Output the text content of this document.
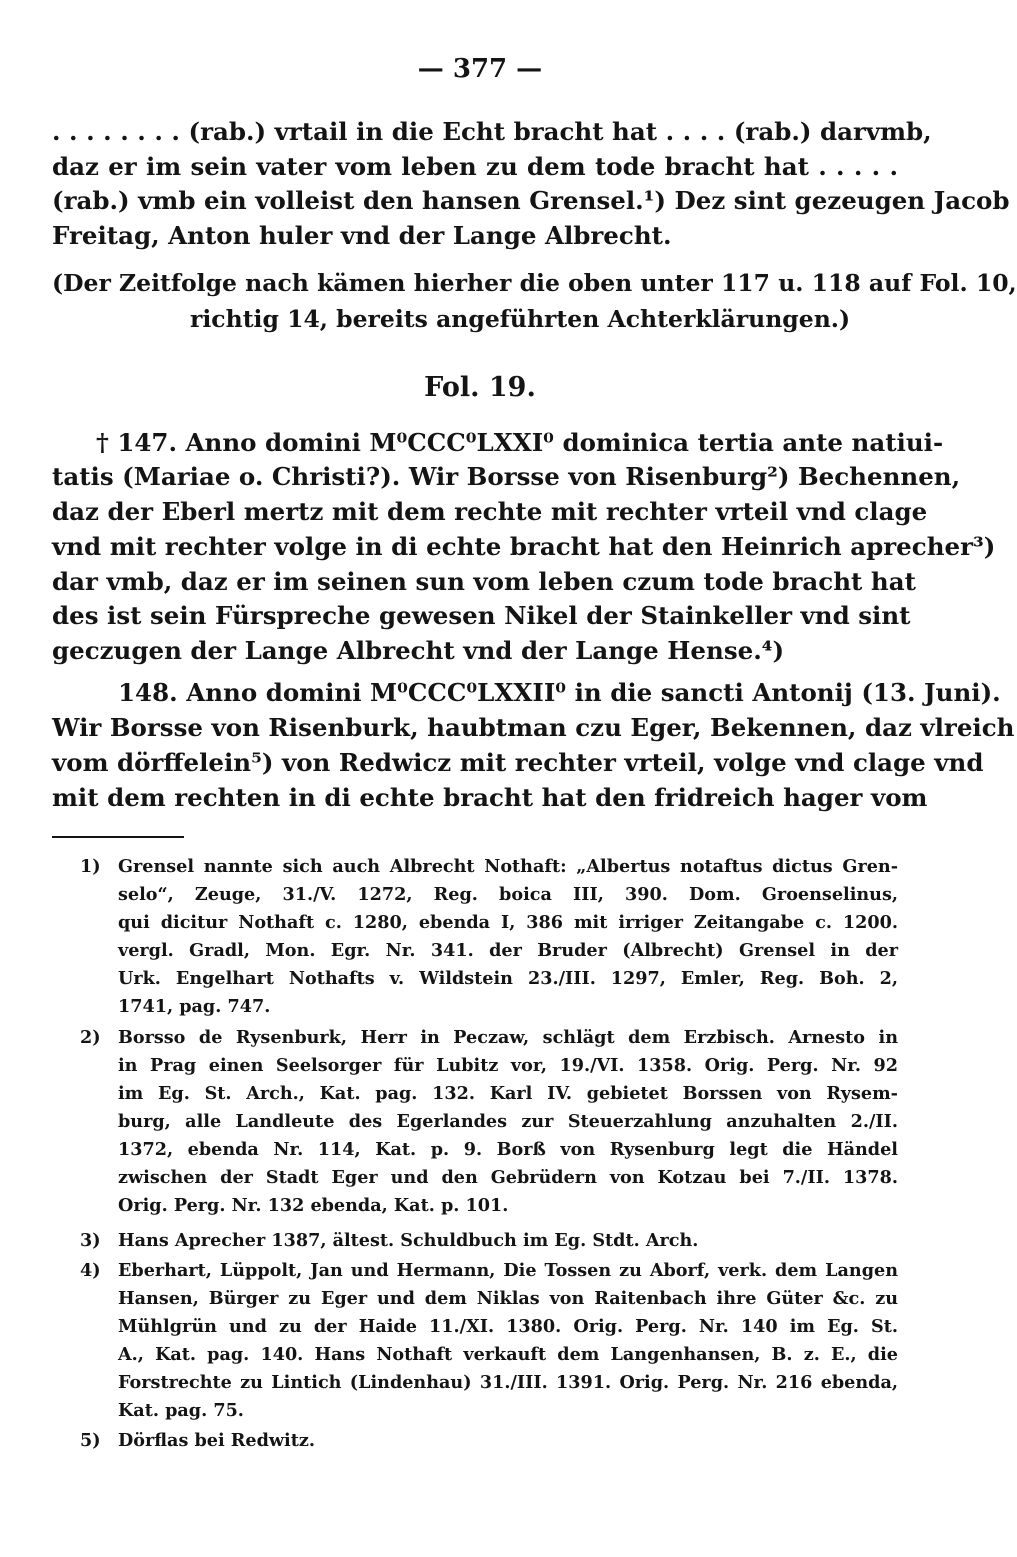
— 377 —
. . . . . . . . (rab.) vrtail in die Echt bracht hat . . . . (rab.) darvmb,
daz er im sein vater vom leben zu dem tode bracht hat . . . . .
(rab.) vmb ein volleist den hansen Grensel.¹) Dez sint gezeugen Jacob
Freitag, Anton huler vnd der Lange Albrecht.
(Der Zeitfolge nach kämen hierher die oben unter 117 u. 118 auf Fol. 10,
richtig 14, bereits angeführten Achterklärungen.)
Fol. 19.
† 147. Anno domini M⁰CCC⁰LXXI⁰ dominica tertia ante natiui-
tatis (Mariae o. Christi?). Wir Borsse von Risenburg²) Bechennen,
daz der Eberl mertz mit dem rechte mit rechter vrteil vnd clage
vnd mit rechter volge in di echte bracht hat den Heinrich aprecher³)
dar vmb, daz er im seinen sun vom leben czum tode bracht hat
des ist sein Fürspreche gewesen Nikel der Stainkeller vnd sint
geczugen der Lange Albrecht vnd der Lange Hense.⁴)
148. Anno domini M⁰CCC⁰LXXII⁰ in die sancti Antonij (13. Juni).
Wir Borsse von Risenburk, haubtman czu Eger, Bekennen, daz vlreich
vom dörffelein⁵) von Redwicz mit rechter vrteil, volge vnd clage vnd
mit dem rechten in di echte bracht hat den fridreich hager vom
1) Grensel nannte sich auch Albrecht Nothaft: „Albertus notaftus dictus Gren-
selo“, Zeuge, 31./V. 1272, Reg. boica III, 390. Dom. Groenselinus,
qui dicitur Nothaft c. 1280, ebenda I, 386 mit irriger Zeitangabe c. 1200.
vergl. Gradl, Mon. Egr. Nr. 341. der Bruder (Albrecht) Grensel in der
Urk. Engelhart Nothafts v. Wildstein 23./III. 1297, Emler, Reg. Boh. 2,
1741, pag. 747.
2) Borsso de Rysenburk, Herr in Peczaw, schlägt dem Erzbisch. Arnesto in
in Prag einen Seelsorger für Lubitz vor, 19./VI. 1358. Orig. Perg. Nr. 92
im Eg. St. Arch., Kat. pag. 132. Karl IV. gebietet Borssen von Rysem-
burg, alle Landleute des Egerlandes zur Steuerzahlung anzuhalten 2./II.
1372, ebenda Nr. 114, Kat. p. 9. Borß von Rysenburg legt die Händel
zwischen der Stadt Eger und den Gebrüdern von Kotzau bei 7./II. 1378.
Orig. Perg. Nr. 132 ebenda, Kat. p. 101.
3) Hans Aprecher 1387, ältest. Schuldbuch im Eg. Stdt. Arch.
4) Eberhart, Lüppolt, Jan und Hermann, Die Tossen zu Aborf, verk. dem Langen
Hansen, Bürger zu Eger und dem Niklas von Raitenbach ihre Güter &c. zu
Mühlgrün und zu der Haide 11./XI. 1380. Orig. Perg. Nr. 140 im Eg. St.
A., Kat. pag. 140. Hans Nothaft verkauft dem Langenhansen, B. z. E., die
Forstrechte zu Lintich (Lindenhau) 31./III. 1391. Orig. Perg. Nr. 216 ebenda,
Kat. pag. 75.
5) Dörflas bei Redwitz.
